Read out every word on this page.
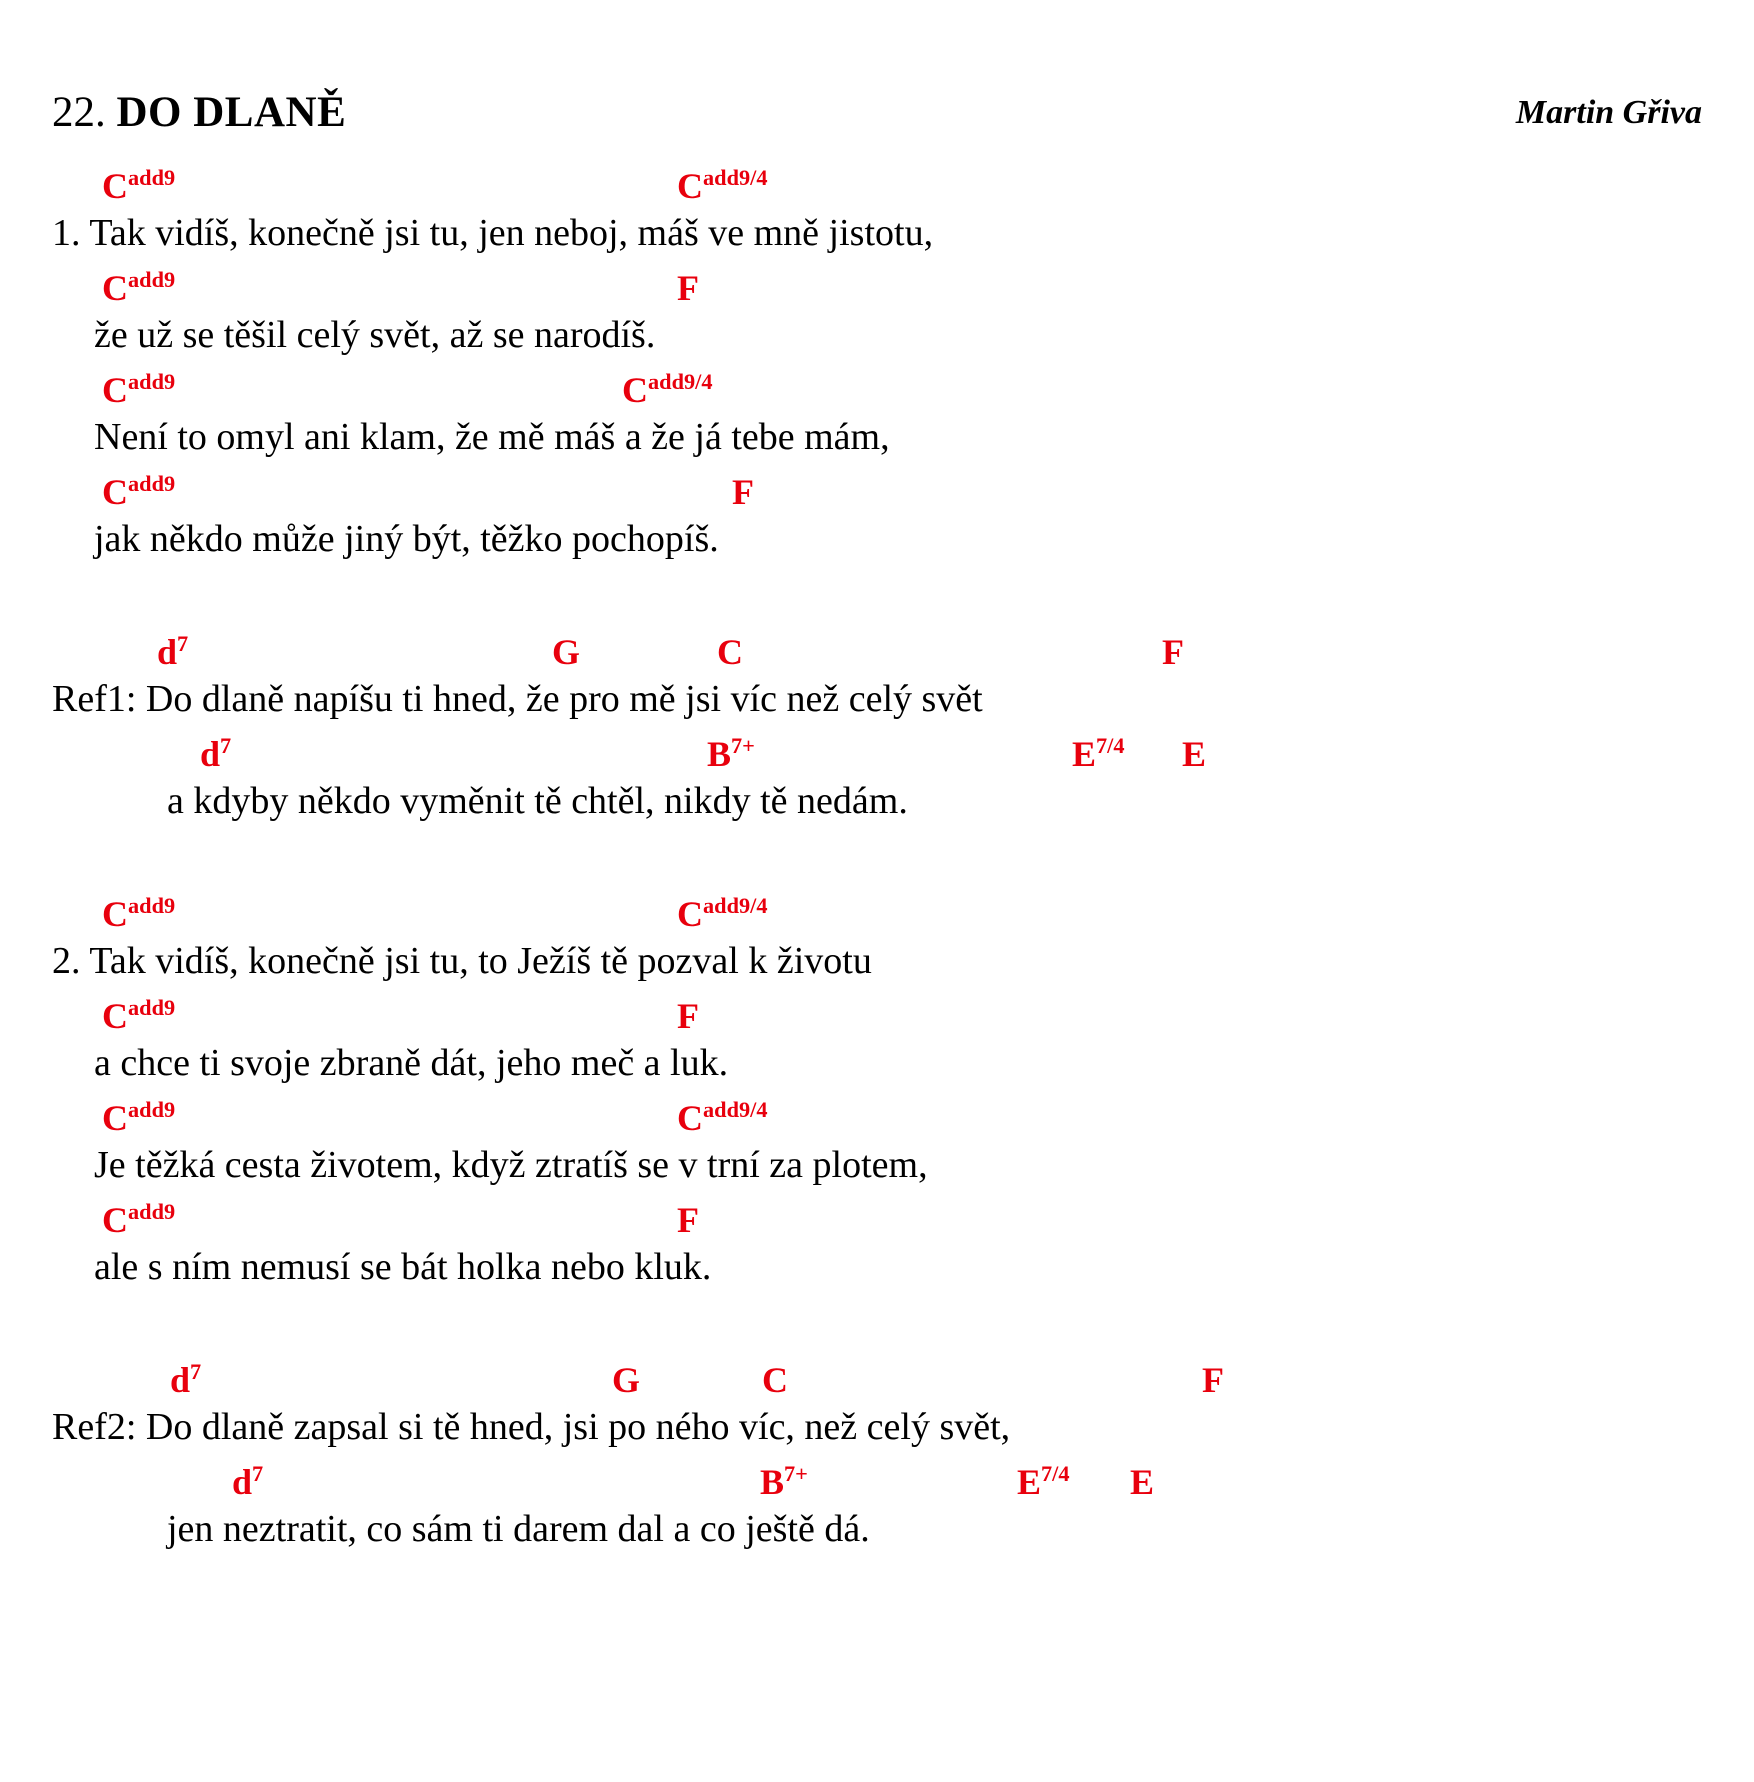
22. DO DLANĚ	Martin Gřiva
$C^{add9}$	$C^{add9/4}$
1. Tak vidíš, konečně jsi tu, jen neboj, máš ve mně jistotu,
$C^{add9}$	F
že už se těšil celý svět, až se narodíš.
$C^{add9}$	$C^{add9/4}$
Není to omyl ani klam, že mě máš a že já tebe mám,
$C^{add9}$	F
jak někdo může jiný být, těžko pochopíš.
$d^7$	G	C	F
Ref1: Do dlaně napíšu ti hned, že pro mě jsi víc než celý svět
$d^7$	$B^{7+}$	$E^{7/4}$ E
a kdyby někdo vyměnit tě chtěl, nikdy tě nedám.
$C^{add9}$	$C^{add9/4}$
2. Tak vidíš, konečně jsi tu, to Ježíš tě pozval k životu
$C^{add9}$	F
a chce ti svoje zbraně dát, jeho meč a luk.
$C^{add9}$	$C^{add9/4}$
Je těžká cesta životem, když ztratíš se v trní za plotem,
$C^{add9}$	F
ale s ním nemusí se bát holka nebo kluk.
$d^7$	G	C	F
Ref2: Do dlaně zapsal si tě hned, jsi po ného víc, než celý svět,
$d^7$	$B^{7+}$	$E^{7/4}$ E
jen neztratit, co sám ti darem dal a co ještě dá.
